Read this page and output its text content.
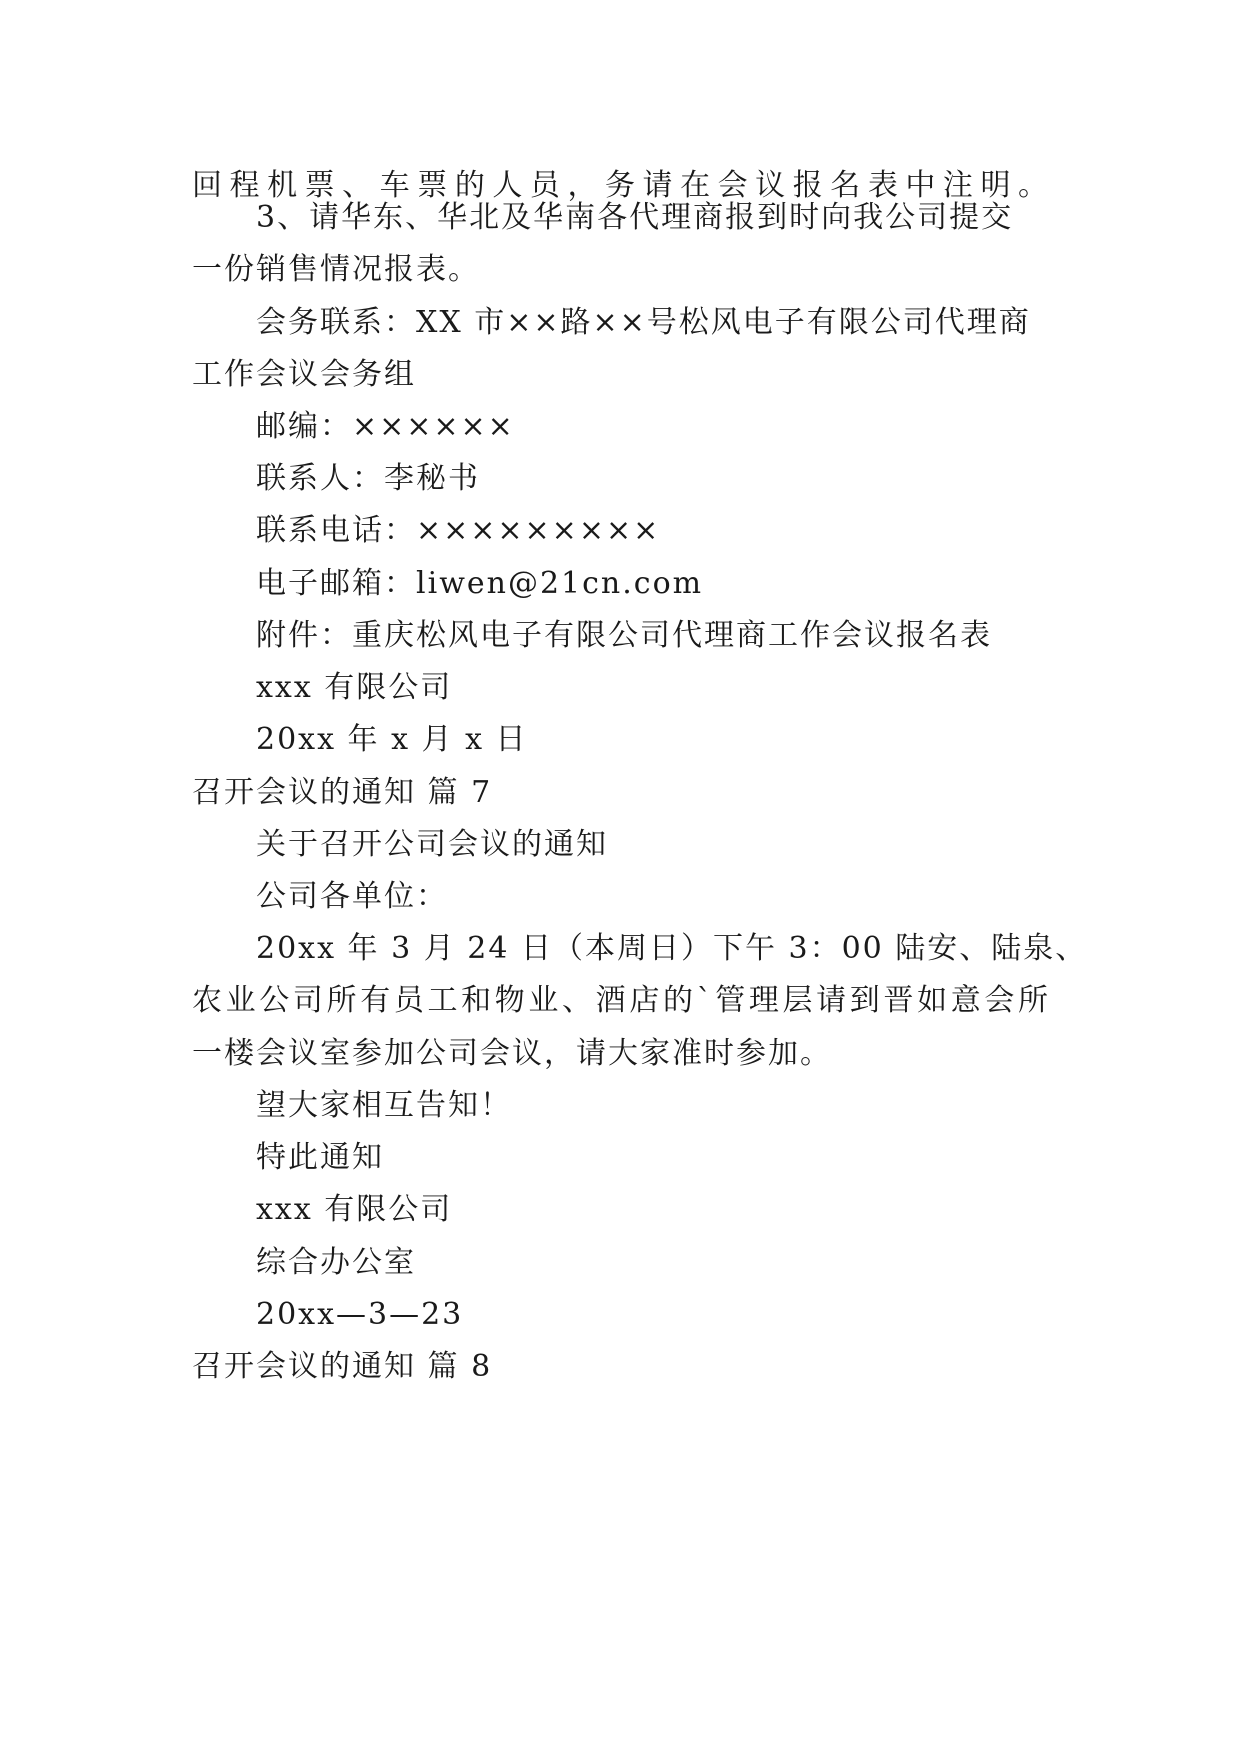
回程机票、车票的人员，务请在会议报名表中注明。
3、请华东、华北及华南各代理商报到时向我公司提交
一份销售情况报表。
会务联系：XX 市××路××号松风电子有限公司代理商
工作会议会务组
邮编：××××××
联系人：李秘书
联系电话：×××××××××
电子邮箱：liwen@21cn.com
附件：重庆松风电子有限公司代理商工作会议报名表
xxx 有限公司
20xx 年 x 月 x 日
召开会议的通知 篇 7
关于召开公司会议的通知
公司各单位：
20xx 年 3 月 24 日（本周日）下午 3：00 陆安、陆泉、
农业公司所有员工和物业、酒店的`管理层请到晋如意会所
一楼会议室参加公司会议，请大家准时参加。
望大家相互告知！
特此通知
xxx 有限公司
综合办公室
20xx—3—23
召开会议的通知 篇 8
